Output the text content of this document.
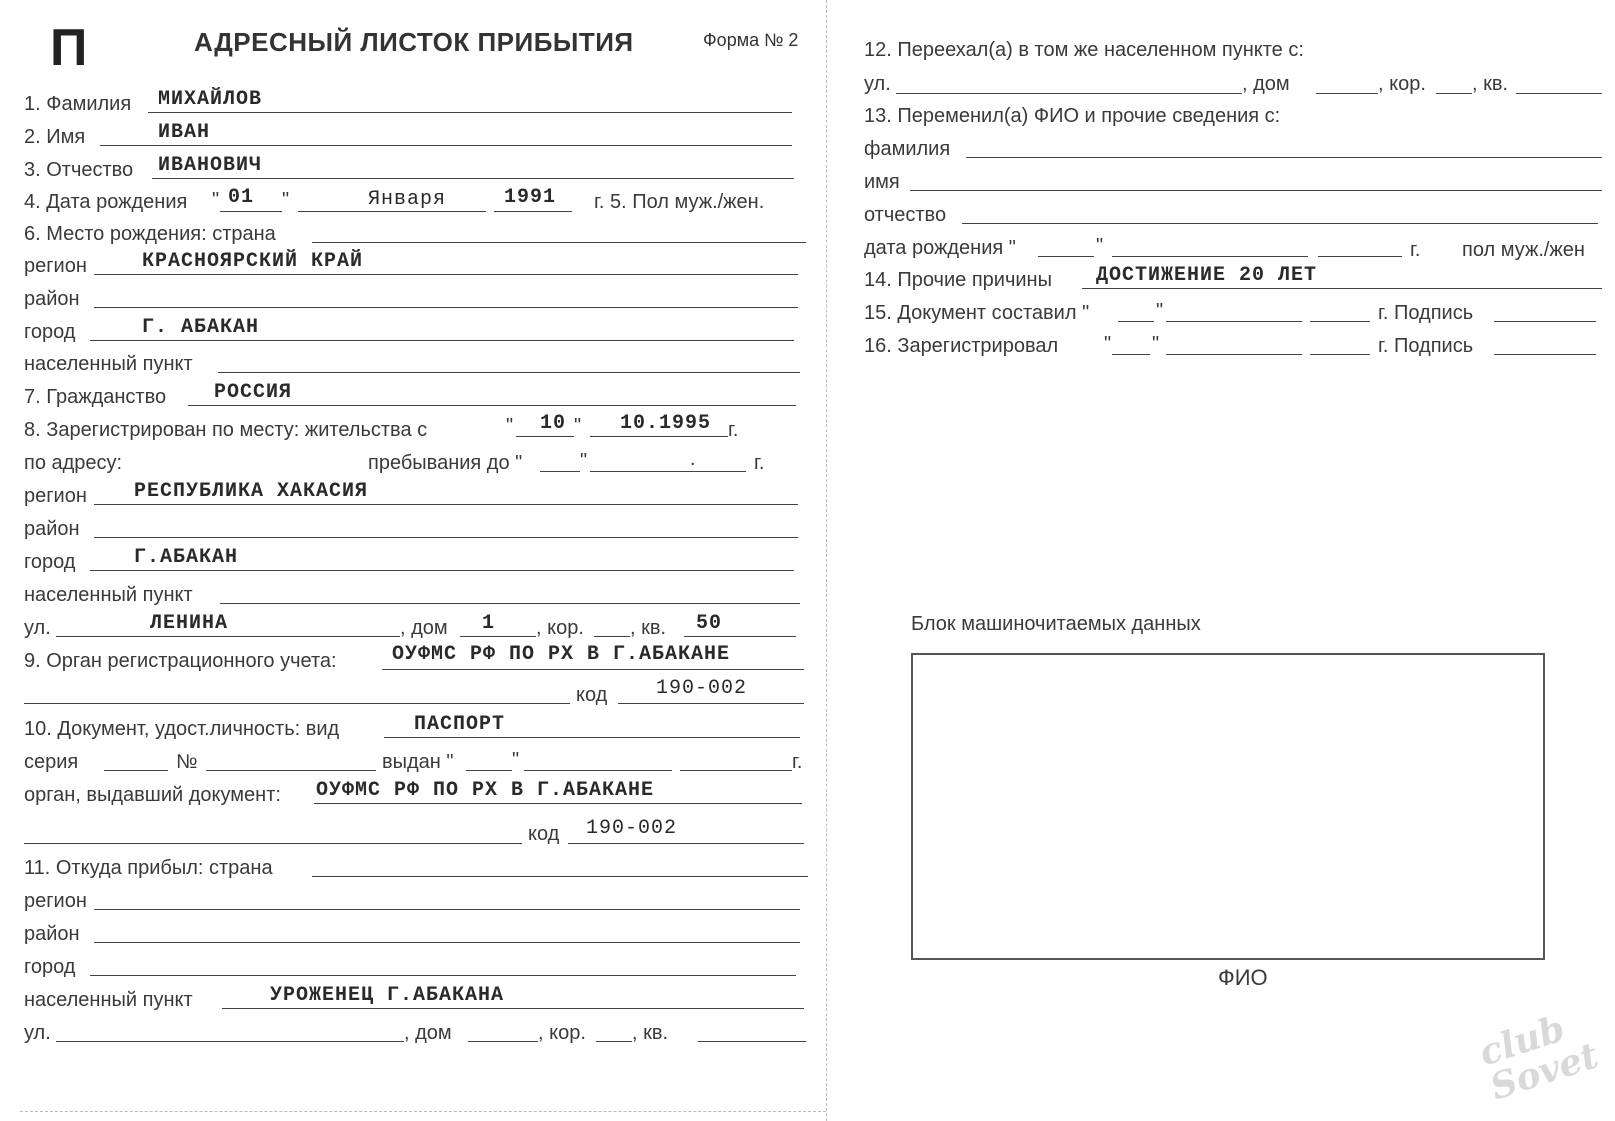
П	АДРЕСНЫЙ ЛИСТОК ПРИБЫТИЯ	Форма № 2
1. Фамилия МИХАЙЛОВ
2. Имя	ИВАН
3. Отчество ИВАНОВИЧ
4. Дата рождения " 01 "	Января	1991 г. 5. Пол муж./жен.
6. Место рождения: страна
регион	КРАСНОЯРСКИЙ КРАЙ
район
город	Г. АБАКАН
населенный пункт
7. Гражданство РОССИЯ
8. Зарегистрирован по месту: жительства с	" 10 " 10.1995 г.
по адресу:	пребывания до "	"	.	г.
регион РЕСПУБЛИКА ХАКАСИЯ
район
город	Г.АБАКАН
населенный пункт
ул.	ЛЕНИНА	, дом 1 , кор. , кв. 50
9. Орган регистрационного учета:	ОУФМС РФ ПО РХ В Г.АБАКАНЕ
код 190-002
10. Документ, удост.личность: вид	ПАСПОРТ
серия	№	выдан "	"	г.
орган, выдавший документ: ОУФМС РФ ПО РХ В Г.АБАКАНЕ
код 190-002
11. Откуда прибыл: страна
регион
район
город
населенный пункт	УРОЖЕНЕЦ Г.АБАКАНА
ул.	, дом	, кор. , кв.
12. Переехал(а) в том же населенном пункте с:
ул.	, дом	, кор. , кв.
13. Переменил(а) ФИО и прочие сведения с:
фамилия
имя
отчество
дата рождения "	"	г. пол муж./жен
14. Прочие причины ДОСТИЖЕНИЕ 20 ЛЕТ
15. Документ составил "	"	г. Подпись
16. Зарегистрировал " "	г. Подпись
Блок машиночитаемых данных
ФИО
club Sovet
